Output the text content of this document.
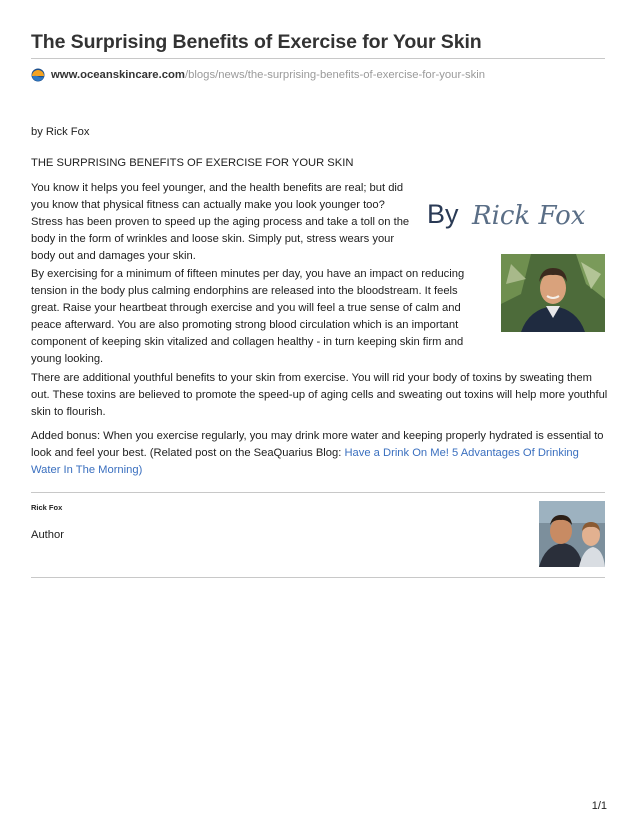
The Surprising Benefits of Exercise for Your Skin
www.oceanskincare.com /blogs/news/the-surprising-benefits-of-exercise-for-your-skin

by Rick Fox

THE SURPRISING BENEFITS OF EXERCISE FOR YOUR SKIN

You know it helps you feel younger, and the health benefits are real; but did you know that physical fitness can actually make you look younger too? Stress has been proven to speed up the aging process and take a toll on the body in the form of wrinkles and loose skin. Simply put, stress wears your body out and damages your skin.

By Rick Fox

By exercising for a minimum of fifteen minutes per day, you have an impact on reducing tension in the body plus calming endorphins are released into the bloodstream. It feels great. Raise your heartbeat through exercise and you will feel a true sense of calm and peace afterward. You are also promoting strong blood circulation which is an important component of keeping skin vitalized and collagen healthy - in turn keeping skin firm and young looking.

There are additional youthful benefits to your skin from exercise. You will rid your body of toxins by sweating them out. These toxins are believed to promote the speed-up of aging cells and sweating out toxins will help more youthful skin to flourish.

Added bonus: When you exercise regularly, you may drink more water and keeping properly hydrated is essential to look and feel your best. (Related post on the SeaQuarius Blog: Have a Drink On Me! 5 Advantages Of Drinking Water In The Morning)

Rick Fox

Author

1/1
